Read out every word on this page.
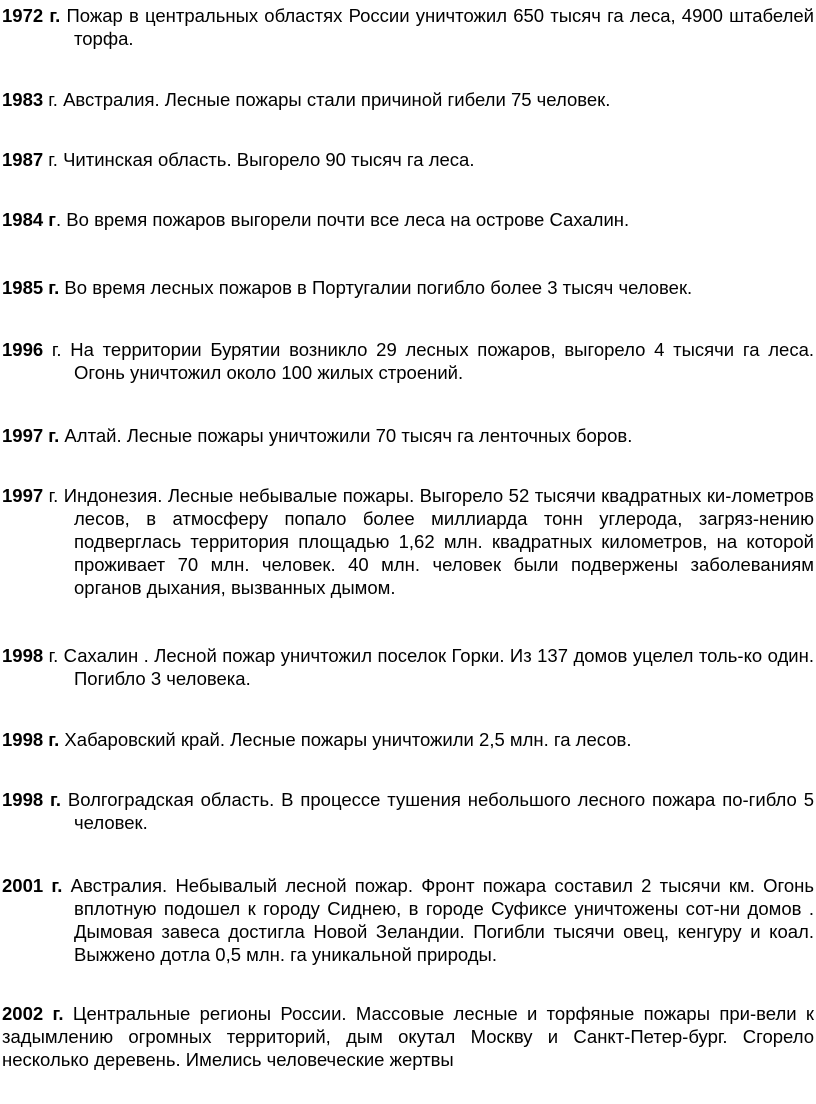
1972 г. Пожар в центральных областях России уничтожил 650 тысяч га леса, 4900 штабелей торфа.

1983 г. Австралия. Лесные пожары стали причиной гибели 75 человек.

1987 г. Читинская область. Выгорело 90 тысяч га леса.

1984 г. Во время пожаров выгорели почти все леса на острове Сахалин.

1985 г. Во время лесных пожаров в Португалии погибло более 3 тысяч человек.

1996 г. На территории Бурятии возникло 29 лесных пожаров, выгорело 4 тысячи га леса. Огонь уничтожил около 100 жилых строений.

1997 г. Алтай. Лесные пожары уничтожили 70 тысяч га ленточных боров.

1997 г. Индонезия. Лесные небывалые пожары. Выгорело 52 тысячи квадратных ки-лометров лесов, в атмосферу попало более миллиарда тонн углерода, загряз-нению подверглась территория площадью 1,62 млн. квадратных километров, на которой проживает 70 млн. человек. 40 млн. человек были подвержены заболеваниям органов дыхания, вызванных дымом.

1998 г. Сахалин . Лесной пожар уничтожил поселок Горки. Из 137 домов уцелел толь-ко один. Погибло 3 человека.

1998 г. Хабаровский край. Лесные пожары уничтожили 2,5 млн. га лесов.

1998 г. Волгоградская область. В процессе тушения небольшого лесного пожара по-гибло 5 человек.

2001 г. Австралия. Небывалый лесной пожар. Фронт пожара составил 2 тысячи км. Огонь вплотную подошел к городу Сиднею, в городе Суфиксе уничтожены сот-ни домов . Дымовая завеса достигла Новой Зеландии. Погибли тысячи овец, кенгуру и коал. Выжжено дотла 0,5 млн. га уникальной природы.

2002 г. Центральные регионы России. Массовые лесные и торфяные пожары при-вели к задымлению огромных территорий, дым окутал Москву и Санкт-Петер-бург. Сгорело несколько деревень. Имелись человеческие жертвы
